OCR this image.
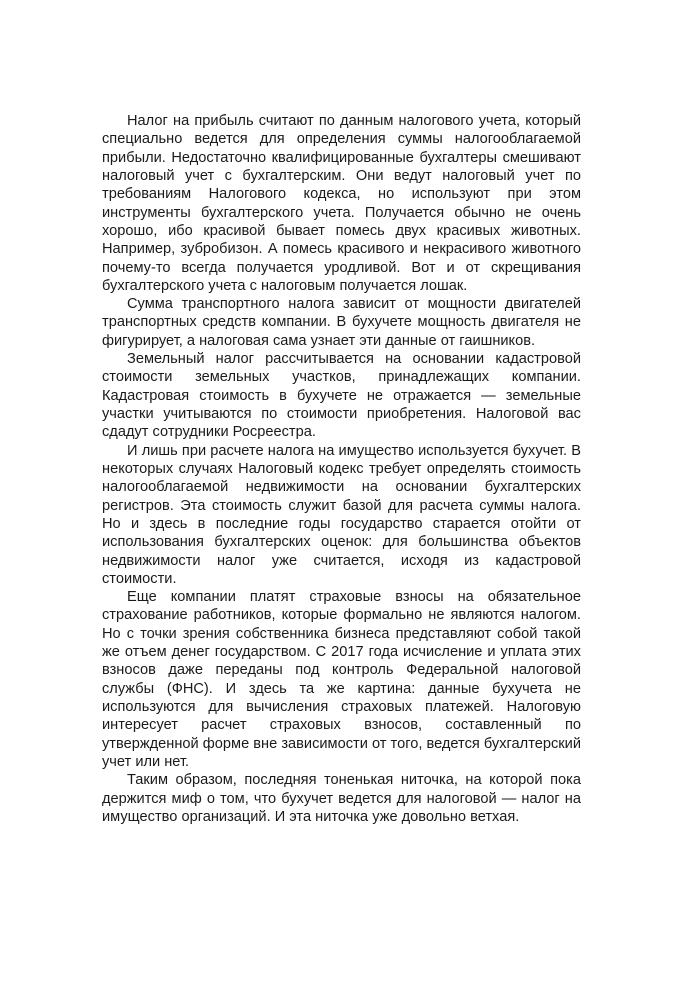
Налог на прибыль считают по данным налогового учета, который специально ведется для определения суммы налогооблагаемой прибыли. Недостаточно квалифицированные бухгалтеры смешивают налоговый учет с бухгалтерским. Они ведут налоговый учет по требованиям Налогового кодекса, но используют при этом инструменты бухгалтерского учета. Получается обычно не очень хорошо, ибо красивой бывает помесь двух красивых животных. Например, зубробизон. А помесь красивого и некрасивого животного почему-то всегда получается уродливой. Вот и от скрещивания бухгалтерского учета с налоговым получается лошак.

Сумма транспортного налога зависит от мощности двигателей транспортных средств компании. В бухучете мощность двигателя не фигурирует, а налоговая сама узнает эти данные от гаишников.

Земельный налог рассчитывается на основании кадастровой стоимости земельных участков, принадлежащих компании. Кадастровая стоимость в бухучете не отражается — земельные участки учитываются по стоимости приобретения. Налоговой вас сдадут сотрудники Росреестра.

И лишь при расчете налога на имущество используется бухучет. В некоторых случаях Налоговый кодекс требует определять стоимость налогооблагаемой недвижимости на основании бухгалтерских регистров. Эта стоимость служит базой для расчета суммы налога. Но и здесь в последние годы государство старается отойти от использования бухгалтерских оценок: для большинства объектов недвижимости налог уже считается, исходя из кадастровой стоимости.

Еще компании платят страховые взносы на обязательное страхование работников, которые формально не являются налогом. Но с точки зрения собственника бизнеса представляют собой такой же отъем денег государством. С 2017 года исчисление и уплата этих взносов даже переданы под контроль Федеральной налоговой службы (ФНС). И здесь та же картина: данные бухучета не используются для вычисления страховых платежей. Налоговую интересует расчет страховых взносов, составленный по утвержденной форме вне зависимости от того, ведется бухгалтерский учет или нет.

Таким образом, последняя тоненькая ниточка, на которой пока держится миф о том, что бухучет ведется для налоговой — налог на имущество организаций. И эта ниточка уже довольно ветхая.
